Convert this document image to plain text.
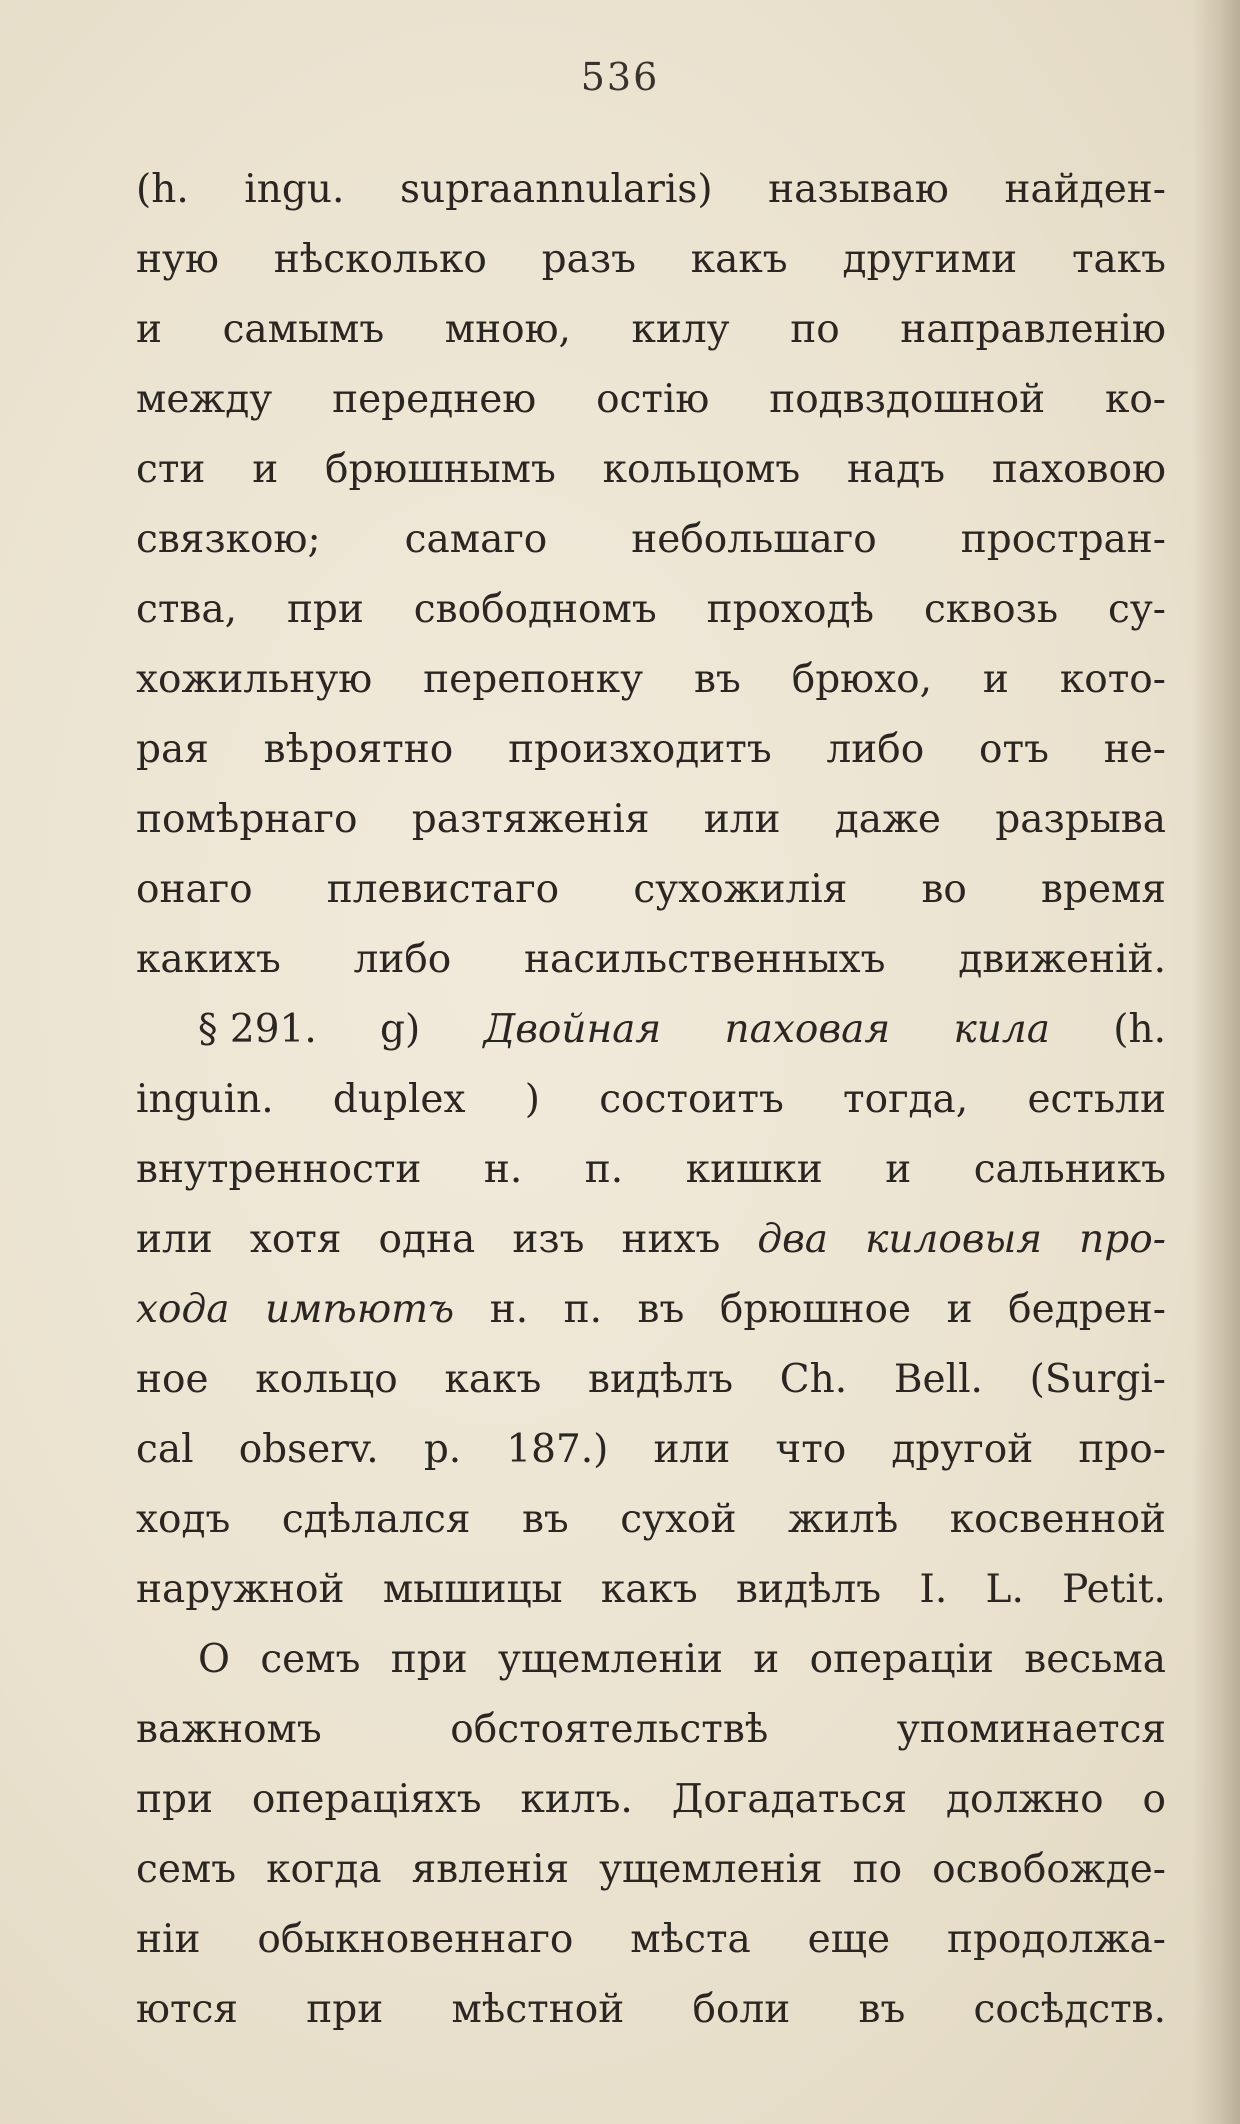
536
(h. ingu. supraannularis) называю найден-
ную нѣсколько разъ какъ другими такъ
и самымъ мною, килу по направленію
между переднею остію подвздошной ко-
сти и брюшнымъ кольцомъ надъ паховою
связкою; самаго небольшаго простран-
ства, при свободномъ проходѣ сквозь су-
хожильную перепонку въ брюхо, и кото-
рая вѣроятно произходитъ либо отъ не-
помѣрнаго разтяженія или даже разрыва
онаго плевистаго сухожилія во время
какихъ либо насильственныхъ движеній.
§ 291. g) Двойная паховая кила (h.
inguin. duplex ) состоитъ тогда, естьли
внутренности н. п. кишки и сальникъ
или хотя одна изъ нихъ два киловыя про-
хода имѣютъ н. п. въ брюшное и бедрен-
ное кольцо какъ видѣлъ Ch. Bell. (Surgi-
cal observ. p. 187.) или что другой про-
ходъ сдѣлался въ сухой жилѣ косвенной
наружной мышицы какъ видѣлъ I. L. Petit.
О семъ при ущемленіи и операціи весьма
важномъ	обстоятельствѣ	упоминается
при операціяхъ килъ. Догадаться должно о
семъ когда явленія ущемленія по освобожде-
ніи обыкновеннаго мѣста еще продолжа-
ются при мѣстной боли въ сосѣдств.
